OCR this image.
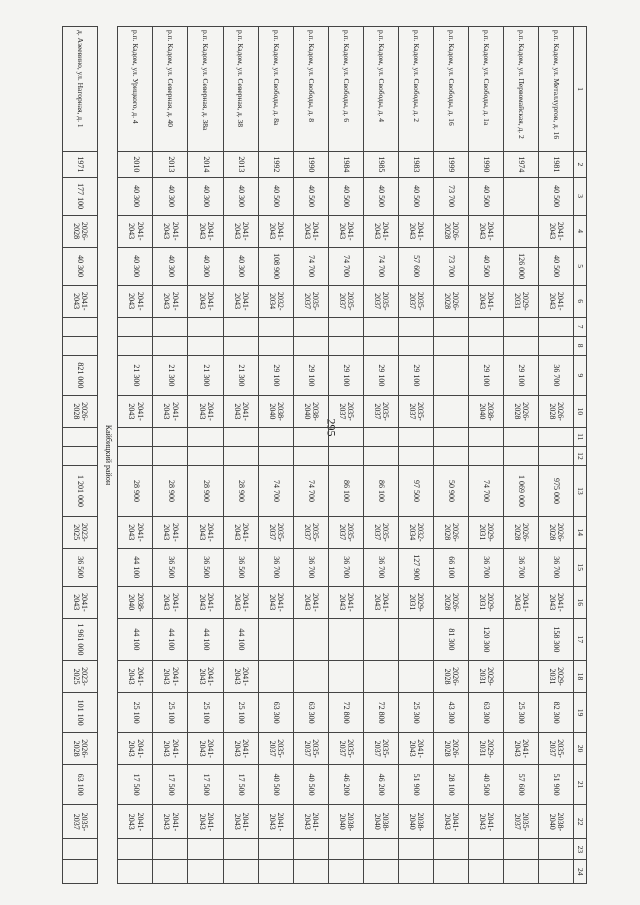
295
1	2	3	4	5	6	7	8	9	10	11	12	13	14	15	16	17	18	19	20	21	22	23	24
р.п. Кадом, ул. Металлургов, д. 16	1981	40 500	2041-2043	40 500	2041-2043			36 700	2026-2028			975 000	2026-2028	36 700	2041-2043	158 300	2029-2031	82 300	2035-2037	51 900	2038-2040		
р.п. Кадом, ул. Первомайская, д. 2	1974			126 000	2029-2031			29 100	2026-2028			1 069 000	2026-2028	36 700	2041-2043			25 300	2041-2043	57 600	2035-2037		
р.п. Кадом, ул. Свободы, д. 1а	1990	40 500	2041-2043	40 500	2041-2043			29 100	2038-2040			74 700	2029-2031	36 700	2029-2031	120 300	2029-2031	63 300	2029-2031	40 500	2041-2043		
р.п. Кадом, ул. Свободы, д. 16	1999	73 700	2026-2028	73 700	2026-2028							50 900	2026-2028	66 100	2026-2028	81 300	2026-2028	43 300	2026-2028	28 100	2041-2043		
р.п. Кадом, ул. Свободы, д. 2	1983	40 500	2041-2043	57 600	2035-2037			29 100	2035-2037			97 500	2032-2034	127 900	2029-2031			25 300	2041-2043	51 900	2038-2040		
р.п. Кадом, ул. Свободы, д. 4	1985	40 500	2041-2043	74 700	2035-2037			29 100	2035-2037			86 100	2035-2037	36 700	2041-2043			72 800	2035-2037	46 200	2038-2040		
р.п. Кадом, ул. Свободы, д. 6	1984	40 500	2041-2043	74 700	2035-2037			29 100	2035-2037			86 100	2035-2037	36 700	2041-2043			72 800	2035-2037	46 200	2038-2040		
р.п. Кадом, ул. Свободы, д. 8	1990	40 500	2041-2043	74 700	2035-2037			29 100	2038-2040			74 700	2035-2037	36 700	2041-2043			63 300	2035-2037	40 500	2041-2043		
р.п. Кадом, ул. Свободы, д. 8а	1992	40 500	2041-2043	108 900	2032-2034			29 100	2038-2040			74 700	2035-2037	36 700	2041-2043			63 300	2035-2037	40 500	2041-2043		
р.п. Кадом, ул. Северная, д. 38	2013	40 300	2041-2043	40 300	2041-2043			21 300	2041-2043			28 900	2041-2043	36 500	2041-2043	44 100	2041-2043	25 100	2041-2043	17 500	2041-2043		
р.п. Кадом, ул. Северная, д. 38а	2014	40 300	2041-2043	40 300	2041-2043			21 300	2041-2043			28 900	2041-2043	36 500	2041-2043	44 100	2041-2043	25 100	2041-2043	17 500	2041-2043		
р.п. Кадом, ул. Северная, д. 40	2013	40 300	2041-2043	40 300	2041-2043			21 300	2041-2043			28 900	2041-2043	36 500	2041-2043	44 100	2041-2043	25 100	2041-2043	17 500	2041-2043		
р.п. Кадом, ул. Урицкого, д. 4	2010	40 300	2041-2043	40 300	2041-2043			21 300	2041-2043			28 900	2041-2043	44 100	2038-2040	44 100	2041-2043	25 100	2041-2043	17 500	2041-2043		
Кайбицкий район																							
д. Азеевино, ул. Нагорная, д. 1	1971	177 100	2026-2028	40 300	2041-2043			821 000	2026-2028			1 201 000	2023-2025	36 500	2041-2043	1 961 000	2023-2025	101 100	2026-2028	63 100	2035-2037		
